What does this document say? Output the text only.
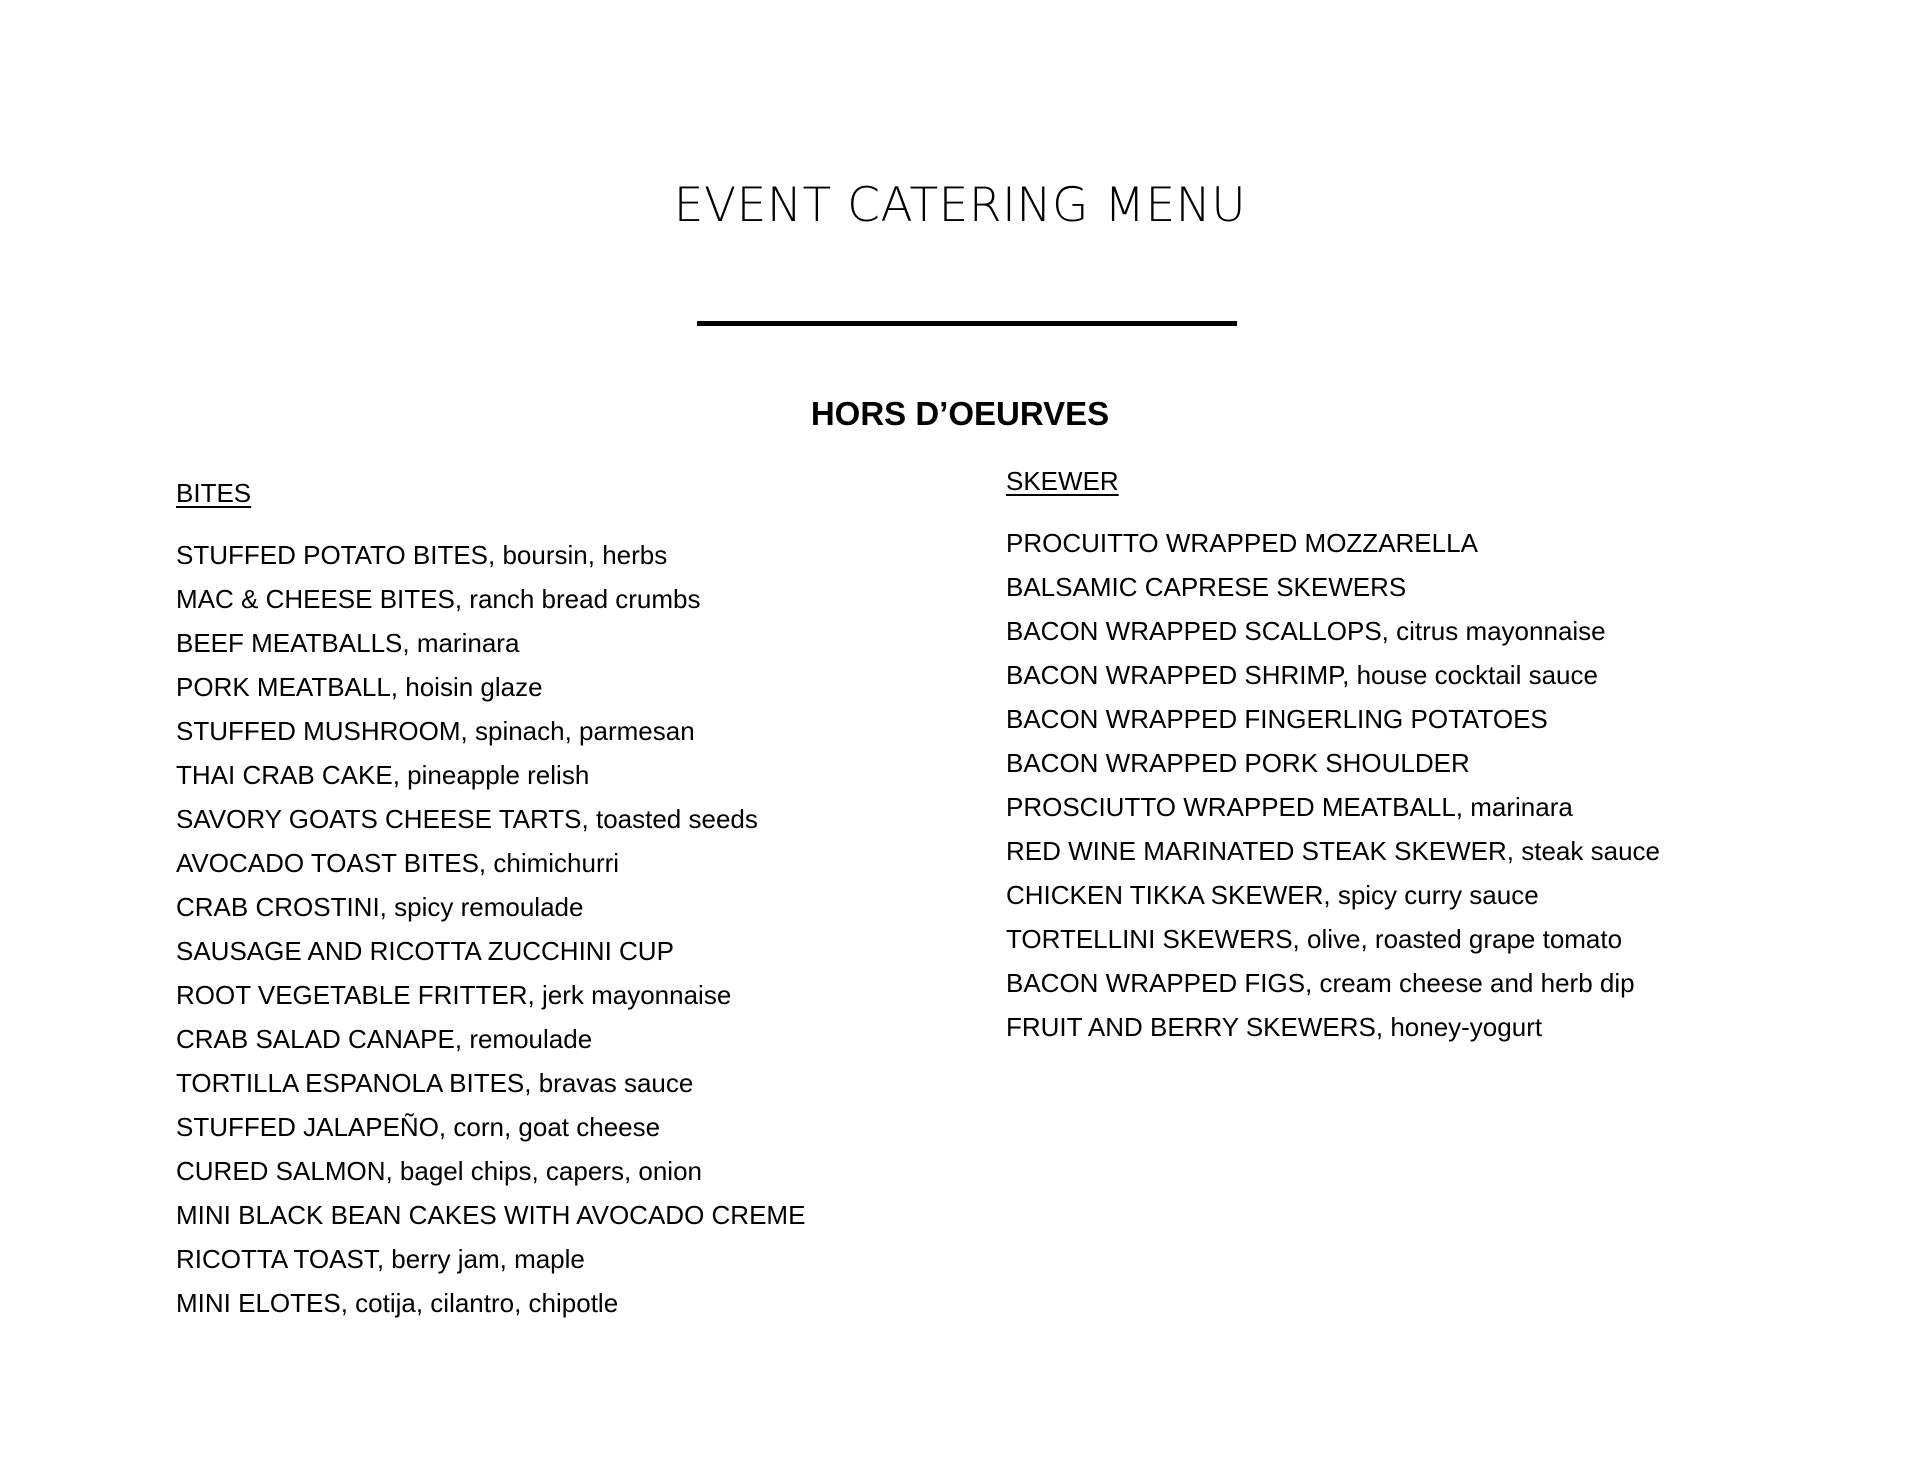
EVENT CATERING MENU
HORS D’OEURVES
BITES
STUFFED POTATO BITES, boursin, herbs
MAC & CHEESE BITES, ranch bread crumbs
BEEF MEATBALLS, marinara
PORK MEATBALL, hoisin glaze
STUFFED MUSHROOM, spinach, parmesan
THAI CRAB CAKE, pineapple relish
SAVORY GOATS CHEESE TARTS, toasted seeds
AVOCADO TOAST BITES, chimichurri
CRAB CROSTINI, spicy remoulade
SAUSAGE AND RICOTTA ZUCCHINI CUP
ROOT VEGETABLE FRITTER, jerk mayonnaise
CRAB SALAD CANAPE, remoulade
TORTILLA ESPANOLA BITES, bravas sauce
STUFFED JALAPEÑO, corn, goat cheese
CURED SALMON, bagel chips, capers, onion
MINI BLACK BEAN CAKES WITH AVOCADO CREME
RICOTTA TOAST, berry jam, maple
MINI ELOTES, cotija, cilantro, chipotle
SKEWER
PROCUITTO WRAPPED MOZZARELLA
BALSAMIC CAPRESE SKEWERS
BACON WRAPPED SCALLOPS, citrus mayonnaise
BACON WRAPPED SHRIMP, house cocktail sauce
BACON WRAPPED FINGERLING POTATOES
BACON WRAPPED PORK SHOULDER
PROSCIUTTO WRAPPED MEATBALL, marinara
RED WINE MARINATED STEAK SKEWER, steak sauce
CHICKEN TIKKA SKEWER, spicy curry sauce
TORTELLINI SKEWERS, olive, roasted grape tomato
BACON WRAPPED FIGS, cream cheese and herb dip
FRUIT AND BERRY SKEWERS, honey-yogurt
